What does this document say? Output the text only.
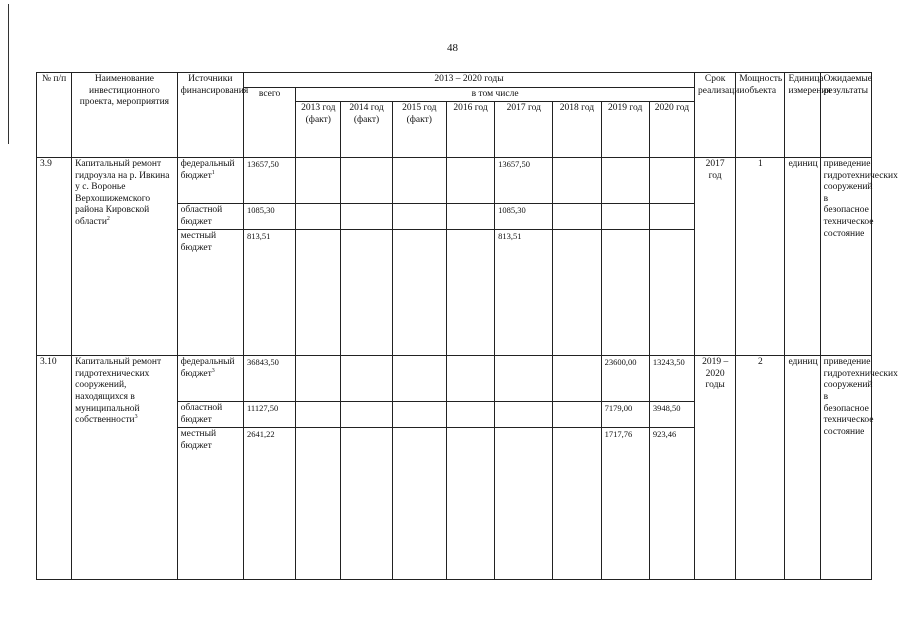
48
№ п/п	Наименование инвестиционного проекта, мероприятия	Источники финансирования	2013 – 2020 годы									Срок реализации	Мощность объекта	Единица измерения	Ожидаемые результаты
			всего	в том числе											
				2013 год (факт)	2014 год (факт)	2015 год (факт)	2016 год	2017 год	2018 год	2019 год	2020 год				
3.9	Капитальный ремонт гидроузла на р. Ивкина у с. Вороньe Верхошижемского района Кировской области$^2$	федеральный бюджет$^1$	13657,50					13657,50				2017 год	1	единиц	приведение гидротехнических сооружений в безопасное техническое состояние
		областной бюджет	1085,30					1085,30							
		местный бюджет	813,51					813,51							
3.10	Капитальный ремонт гидротехнических сооружений, находящихся в муниципальной собственности$^3$	федеральный бюджет$^3$	36843,50							23600,00	13243,50	2019 – 2020 годы	2	единиц	приведение гидротехнических сооружений в безопасное техническое состояние
		областной бюджет	11127,50							7179,00	3948,50				
		местный бюджет	2641,22							1717,76	923,46				
